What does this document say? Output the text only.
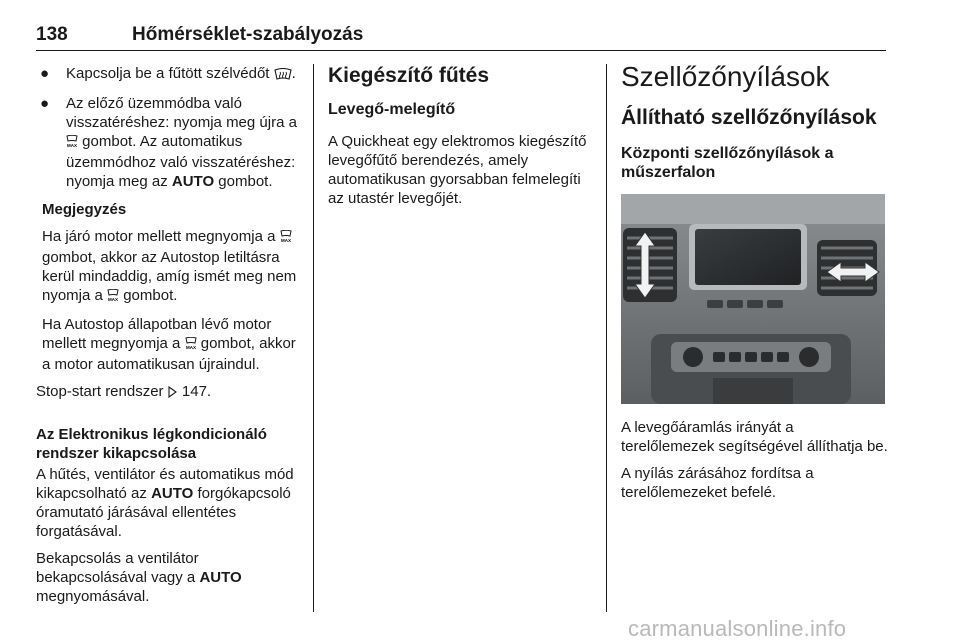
138	Hőmérséklet-szabályozás
● Kapcsolja be a fűtött szélvédőt .
● Az előző üzemmódba való visszatéréshez: nyomja meg újra a
MAX gombot. Az automatikus üzemmódhoz való visszatéréshez: nyomja meg az AUTO gombot.

Megjegyzés

Ha járó motor mellett megnyomja a MAX
gombot, akkor az Autostop letiltásra kerül mindaddig, amíg ismét meg nem nyomja a MAX gombot.

Ha Autostop állapotban lévő motor mellett megnyomja a MAX gombot, akkor a motor automatikusan újraindul.

Stop-start rendszer 147.

Az Elektronikus légkondicionáló rendszer kikapcsolása

A hűtés, ventilátor és automatikus mód kikapcsolható az AUTO forgókapcsoló óramutató járásával ellentétes forgatásával.

Bekapcsolás a ventilátor bekapcsolásával vagy a AUTO megnyomásával.

Kiegészítő fűtés

Levegő-melegítő

A Quickheat egy elektromos kiegészítő levegőfűtő berendezés, amely automatikusan gyorsabban felmelegíti az utastér levegőjét.

Szellőzőnyílások

Állítható szellőzőnyílások

Központi szellőzőnyílások a műszerfalon

A levegőáramlás irányát a terelőlemezek segítségével állíthatja be.

A nyílás zárásához fordítsa a terelőlemezeket befelé.

carmanualsonline.info
